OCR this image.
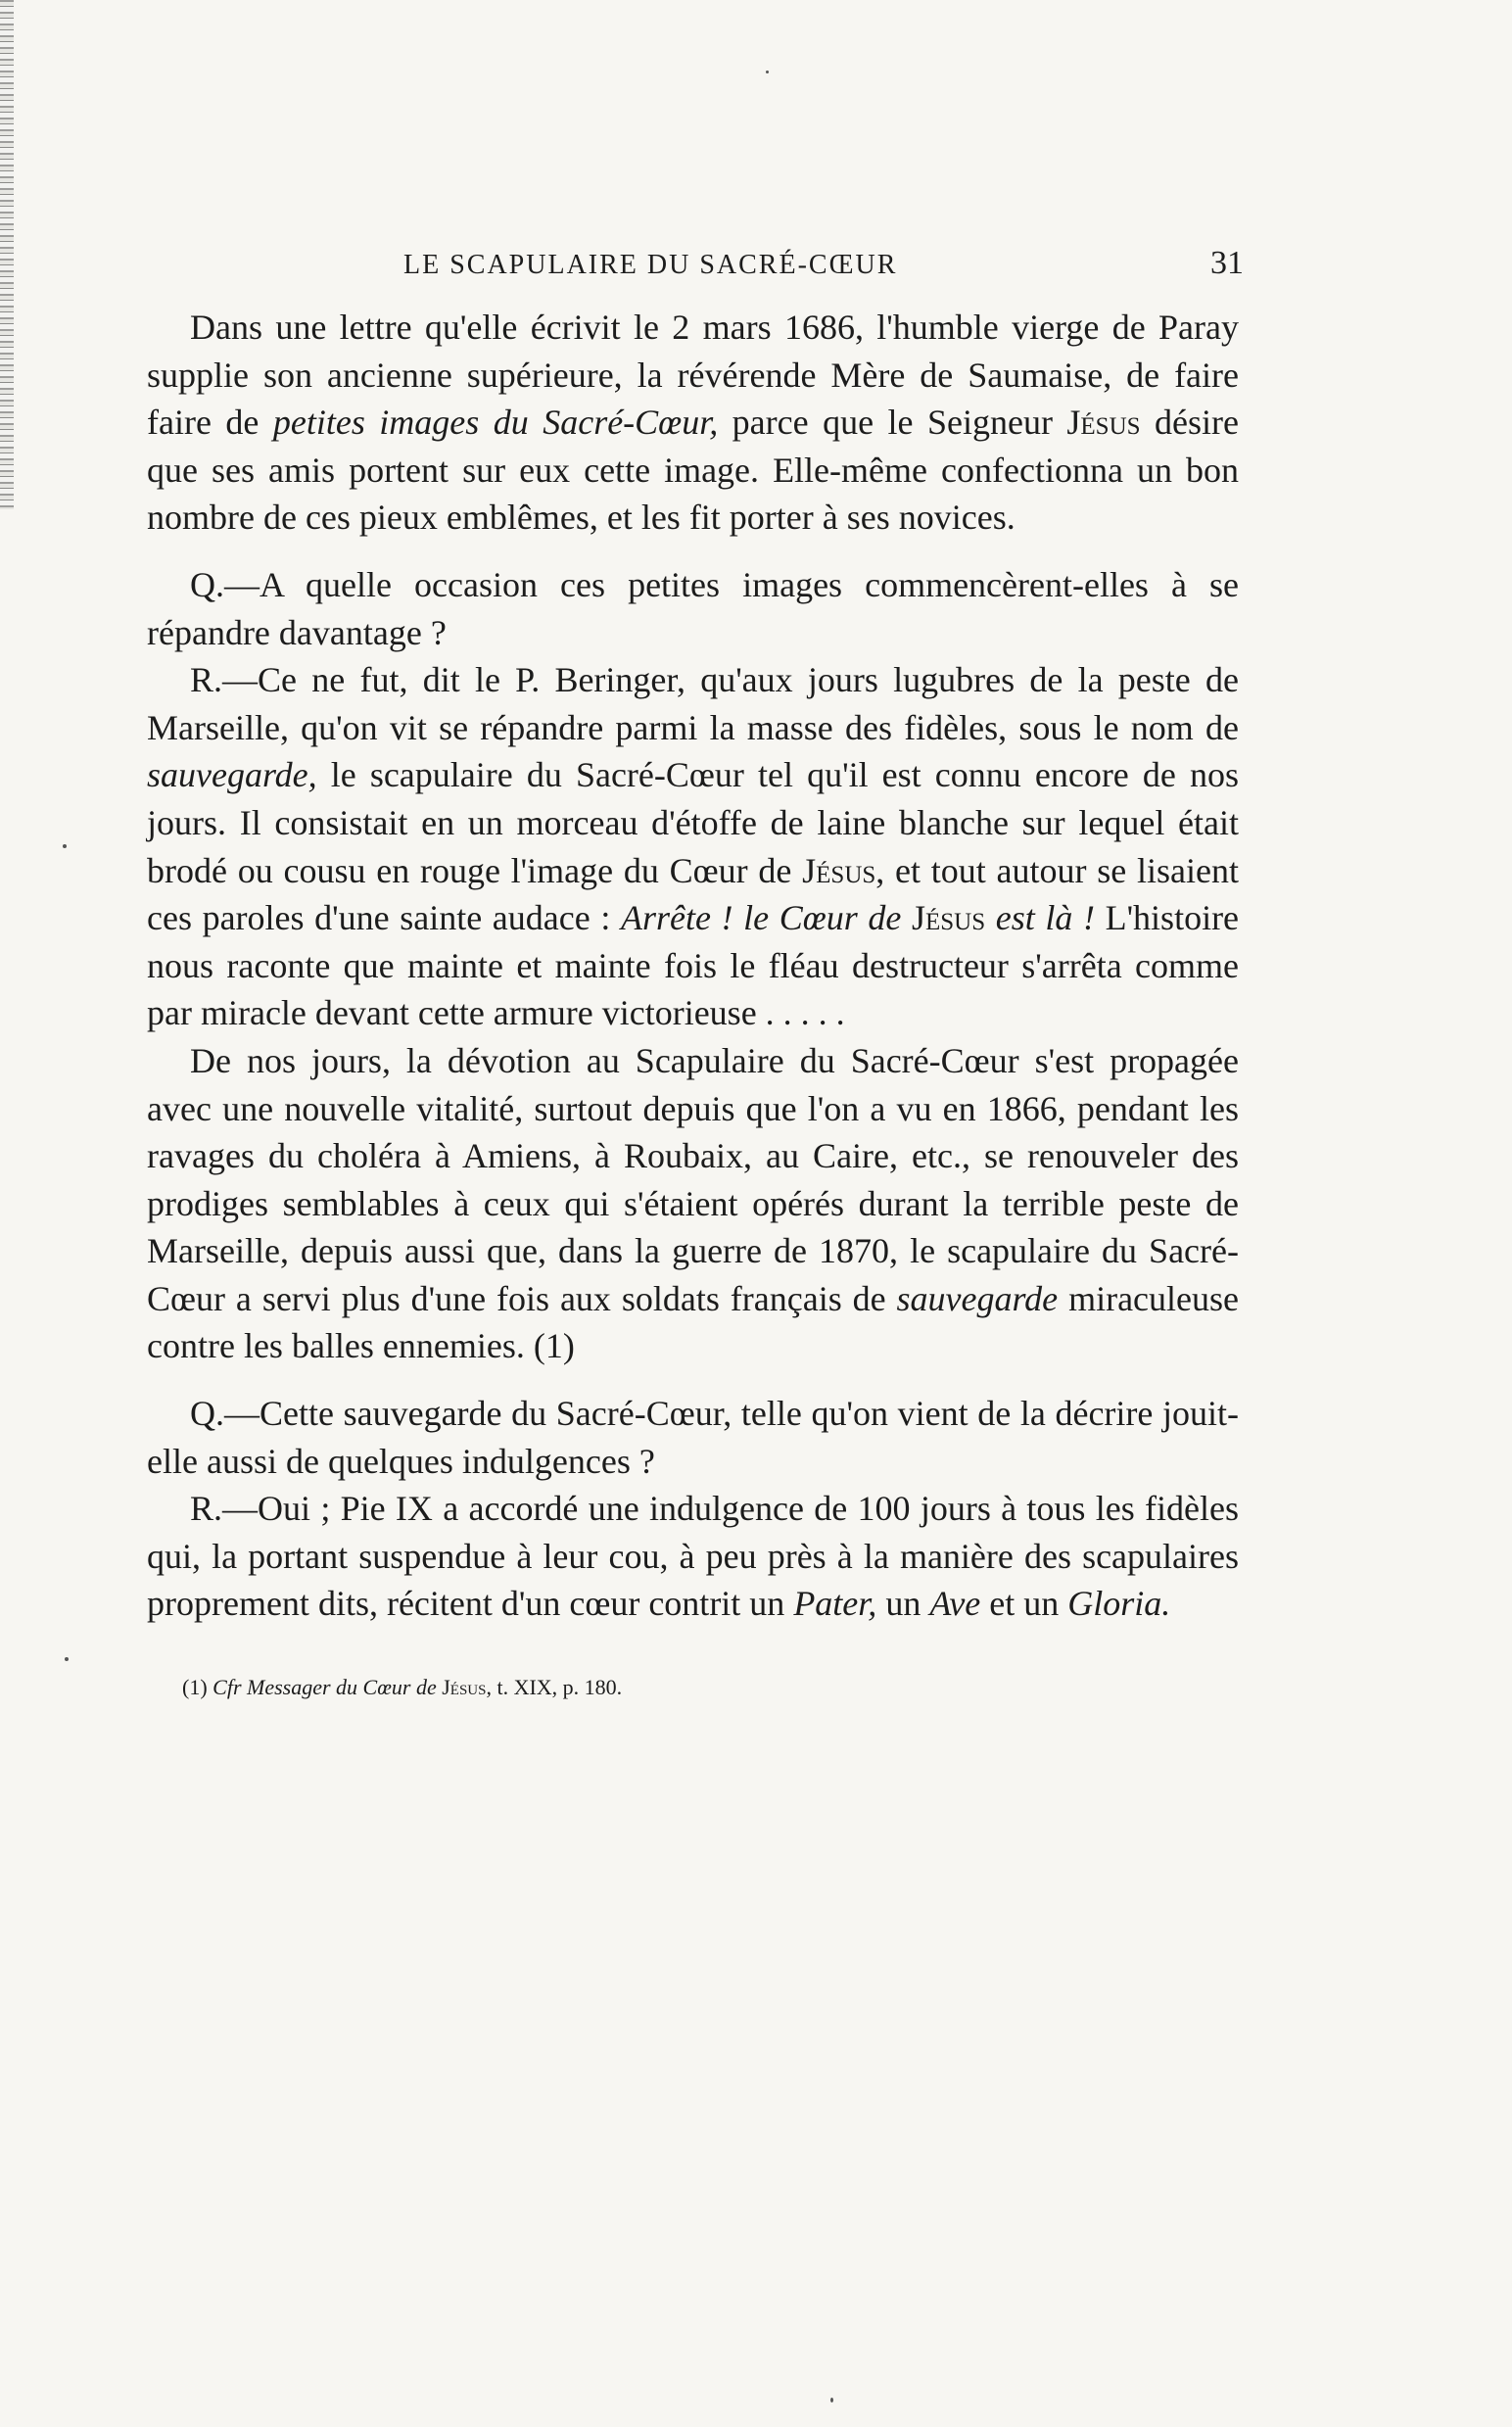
LE SCAPULAIRE DU SACRÉ-CŒUR	31

Dans une lettre qu'elle écrivit le 2 mars 1686, l'humble vierge de Paray supplie son ancienne supérieure, la révérende Mère de Saumaise, de faire faire de petites images du Sacré-Cœur, parce que le Seigneur Jésus désire que ses amis portent sur eux cette image. Elle-même confectionna un bon nombre de ces pieux emblêmes, et les fit porter à ses novices.

Q.—A quelle occasion ces petites images commencèrent-elles à se répandre davantage ?

R.—Ce ne fut, dit le P. Beringer, qu'aux jours lugubres de la peste de Marseille, qu'on vit se répandre parmi la masse des fidèles, sous le nom de sauvegarde, le scapulaire du Sacré-Cœur tel qu'il est connu encore de nos jours. Il consistait en un morceau d'étoffe de laine blanche sur lequel était brodé ou cousu en rouge l'image du Cœur de Jésus, et tout autour se lisaient ces paroles d'une sainte audace : Arrête ! le Cœur de Jésus est là ! L'histoire nous raconte que mainte et mainte fois le fléau destructeur s'arrêta comme par miracle devant cette armure victorieuse . . . . .

De nos jours, la dévotion au Scapulaire du Sacré-Cœur s'est propagée avec une nouvelle vitalité, surtout depuis que l'on a vu en 1866, pendant les ravages du choléra à Amiens, à Roubaix, au Caire, etc., se renouveler des prodiges semblables à ceux qui s'étaient opérés durant la terrible peste de Marseille, depuis aussi que, dans la guerre de 1870, le scapulaire du Sacré-Cœur a servi plus d'une fois aux soldats français de sauvegarde miraculeuse contre les balles ennemies. (1)

Q.—Cette sauvegarde du Sacré-Cœur, telle qu'on vient de la décrire jouit-elle aussi de quelques indulgences ?

R.—Oui ; Pie IX a accordé une indulgence de 100 jours à tous les fidèles qui, la portant suspendue à leur cou, à peu près à la manière des scapulaires proprement dits, récitent d'un cœur contrit un Pater, un Ave et un Gloria.

(1) Cfr Messager du Cœur de Jésus, t. XIX, p. 180.
